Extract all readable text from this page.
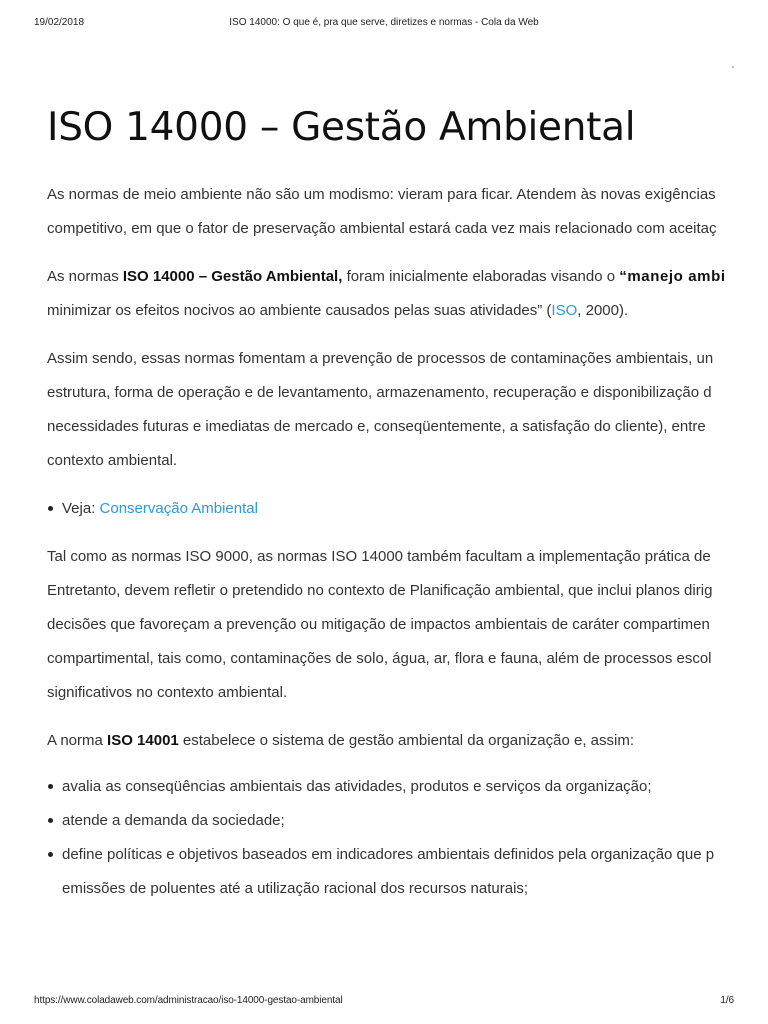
19/02/2018	ISO 14000: O que é, pra que serve, diretizes e normas - Cola da Web
ISO 14000 – Gestão Ambiental

As normas de meio ambiente não são um modismo: vieram para ficar. Atendem às novas exigências
competitivo, em que o fator de preservação ambiental estará cada vez mais relacionado com aceitaç

As normas ISO 14000 – Gestão Ambiental, foram inicialmente elaboradas visando o “manejo ambi
minimizar os efeitos nocivos ao ambiente causados pelas suas atividades” (ISO, 2000).

Assim sendo, essas normas fomentam a prevenção de processos de contaminações ambientais, un
estrutura, forma de operação e de levantamento, armazenamento, recuperação e disponibilização d
necessidades futuras e imediatas de mercado e, conseqüentemente, a satisfação do cliente), entre
contexto ambiental.

Veja: Conservação Ambiental

Tal como as normas ISO 9000, as normas ISO 14000 também facultam a implementação prática de
Entretanto, devem refletir o pretendido no contexto de Planificação ambiental, que inclui planos dirig
decisões que favoreçam a prevenção ou mitigação de impactos ambientais de caráter compartimen
compartimental, tais como, contaminações de solo, água, ar, flora e fauna, além de processos escol
significativos no contexto ambiental.

A norma ISO 14001 estabelece o sistema de gestão ambiental da organização e, assim:

avalia as conseqüências ambientais das atividades, produtos e serviços da organização;
atende a demanda da sociedade;
define políticas e objetivos baseados em indicadores ambientais definidos pela organização que p
emissões de poluentes até a utilização racional dos recursos naturais;
https://www.coladaweb.com/administracao/iso-14000-gestao-ambiental	1/6
